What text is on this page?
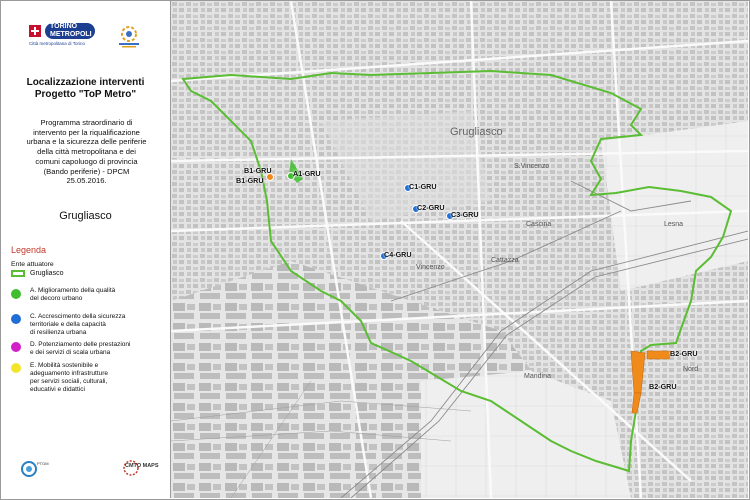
TORINO METROPOLI
Città metropolitana di Torino
Localizzazione interventi
Progetto "ToP Metro"
Programma straordinario di
intervento per la riqualificazione
urbana e la sicurezza delle periferie
della città metropolitana e dei
comuni capoluogo di provincia
(Bando periferie) - DPCM
25.05.2016.
Grugliasco
Legenda
Ente attuatore
Grugliasco
A. Miglioramento della qualità
del decoro urbano
C. Accrescimento della sicurezza
territoriale e della capacità
di resilienza urbana
D. Potenziamento delle prestazioni
e dei servizi di scala urbana
E. Mobilità sostenibile e
adeguamento infrastrutture
per servizi sociali, culturali,
educativi e didattici
PTGM	CMTO MAPS
Grugliasco
S.Vincenzo
Lesna
Cascina
Cattazza
Vincenzo
Mandina
Nord
A1-GRU
B1-GRU
B1-GRU
C1-GRU
C2-GRU
C3-GRU
C4-GRU
B2-GRU
B2-GRU
